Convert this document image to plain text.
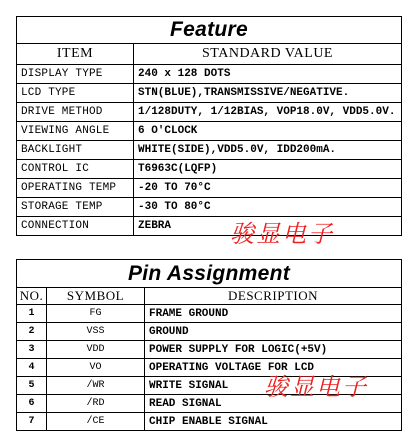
Feature	
ITEM	STANDARD VALUE
DISPLAY TYPE	240 x 128 DOTS
LCD TYPE	STN(BLUE),TRANSMISSIVE/NEGATIVE.
DRIVE METHOD	1/128DUTY, 1/12BIAS, VOP18.0V, VDD5.0V.
VIEWING ANGLE	6 O'CLOCK
BACKLIGHT	WHITE(SIDE),VDD5.0V, IDD200mA.
CONTROL IC	T6963C(LQFP)
OPERATING TEMP	-20 TO 70°C
STORAGE TEMP	-30 TO 80°C
CONNECTION	ZEBRA
Pin Assignment		
NO.	SYMBOL	DESCRIPTION
1	FG	FRAME GROUND
2	VSS	GROUND
3	VDD	POWER SUPPLY FOR LOGIC(+5V)
4	VO	OPERATING VOLTAGE FOR LCD
5	/WR	WRITE SIGNAL
6	/RD	READ SIGNAL
7	/CE	CHIP ENABLE SIGNAL
骏显电子
骏显电子
